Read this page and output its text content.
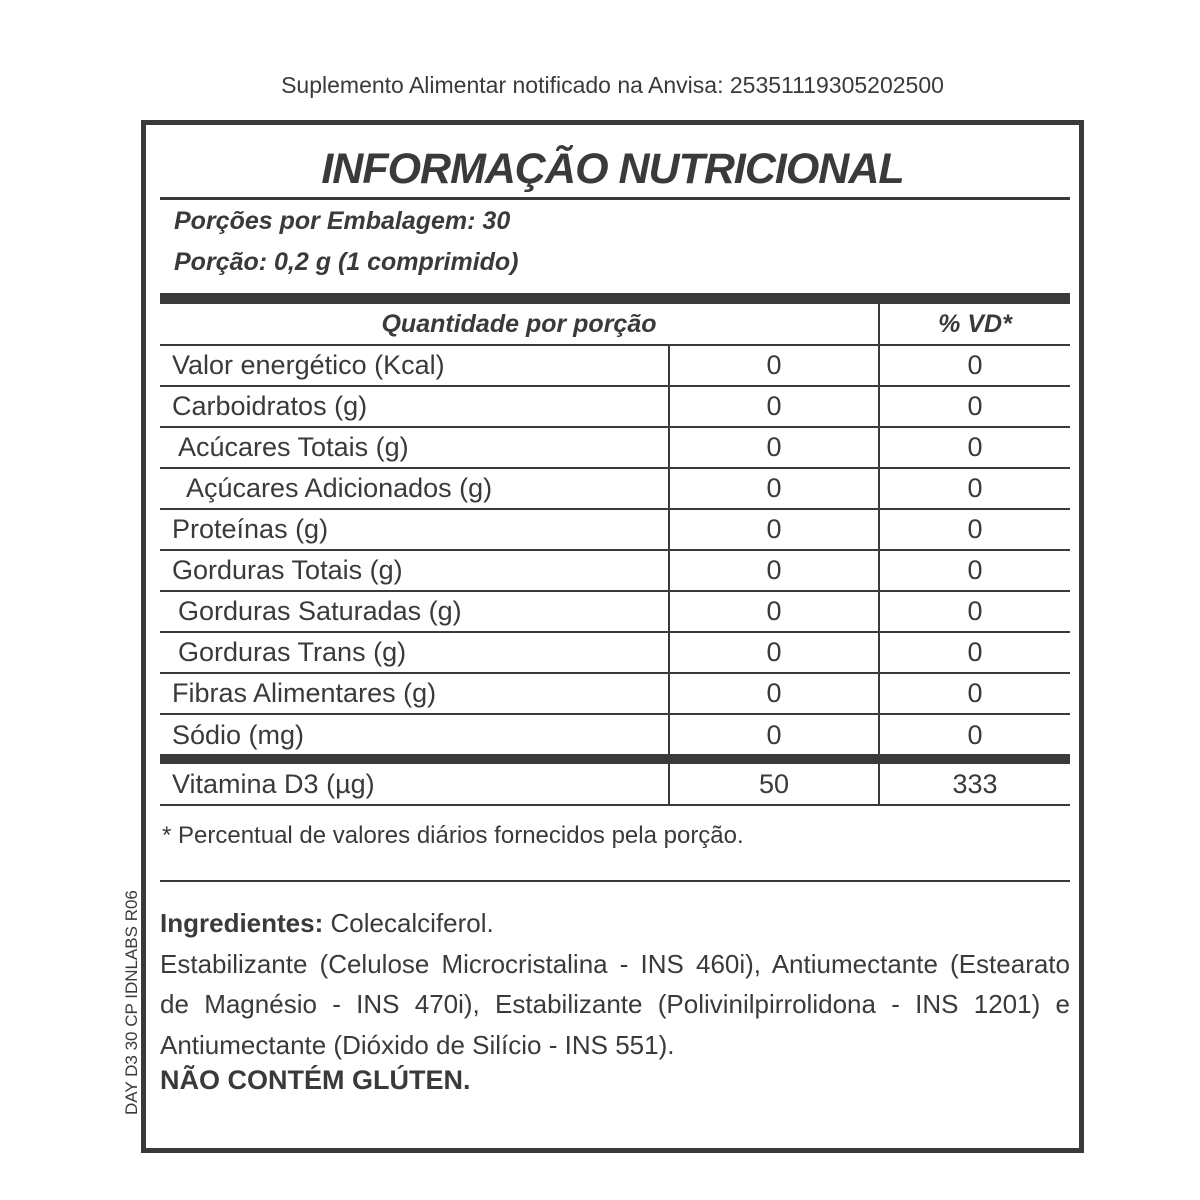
Suplemento Alimentar notificado na Anvisa: 25351119305202500
DAY D3 30 CP IDNLABS R06
INFORMAÇÃO NUTRICIONAL
Porções por Embalagem: 30
Porção: 0,2 g (1 comprimido)
Quantidade por porção	% VD*
Valor energético (Kcal)	0	0
Carboidratos (g)	0	0
Acúcares Totais (g)	0	0
Açúcares Adicionados (g)	0	0
Proteínas (g)	0	0
Gorduras Totais (g)	0	0
Gorduras Saturadas (g)	0	0
Gorduras Trans (g)	0	0
Fibras Alimentares (g)	0	0
Sódio (mg)	0	0
Vitamina D3 (µg)	50	333
* Percentual de valores diários fornecidos pela porção.
Ingredientes: Colecalciferol.
Estabilizante (Celulose Microcristalina - INS 460i), Antiumectante (Estearato de Magnésio - INS 470i), Estabilizante (Polivinilpirrolidona - INS 1201) e Antiumectante (Dióxido de Silício - INS 551).
NÃO CONTÉM GLÚTEN.
